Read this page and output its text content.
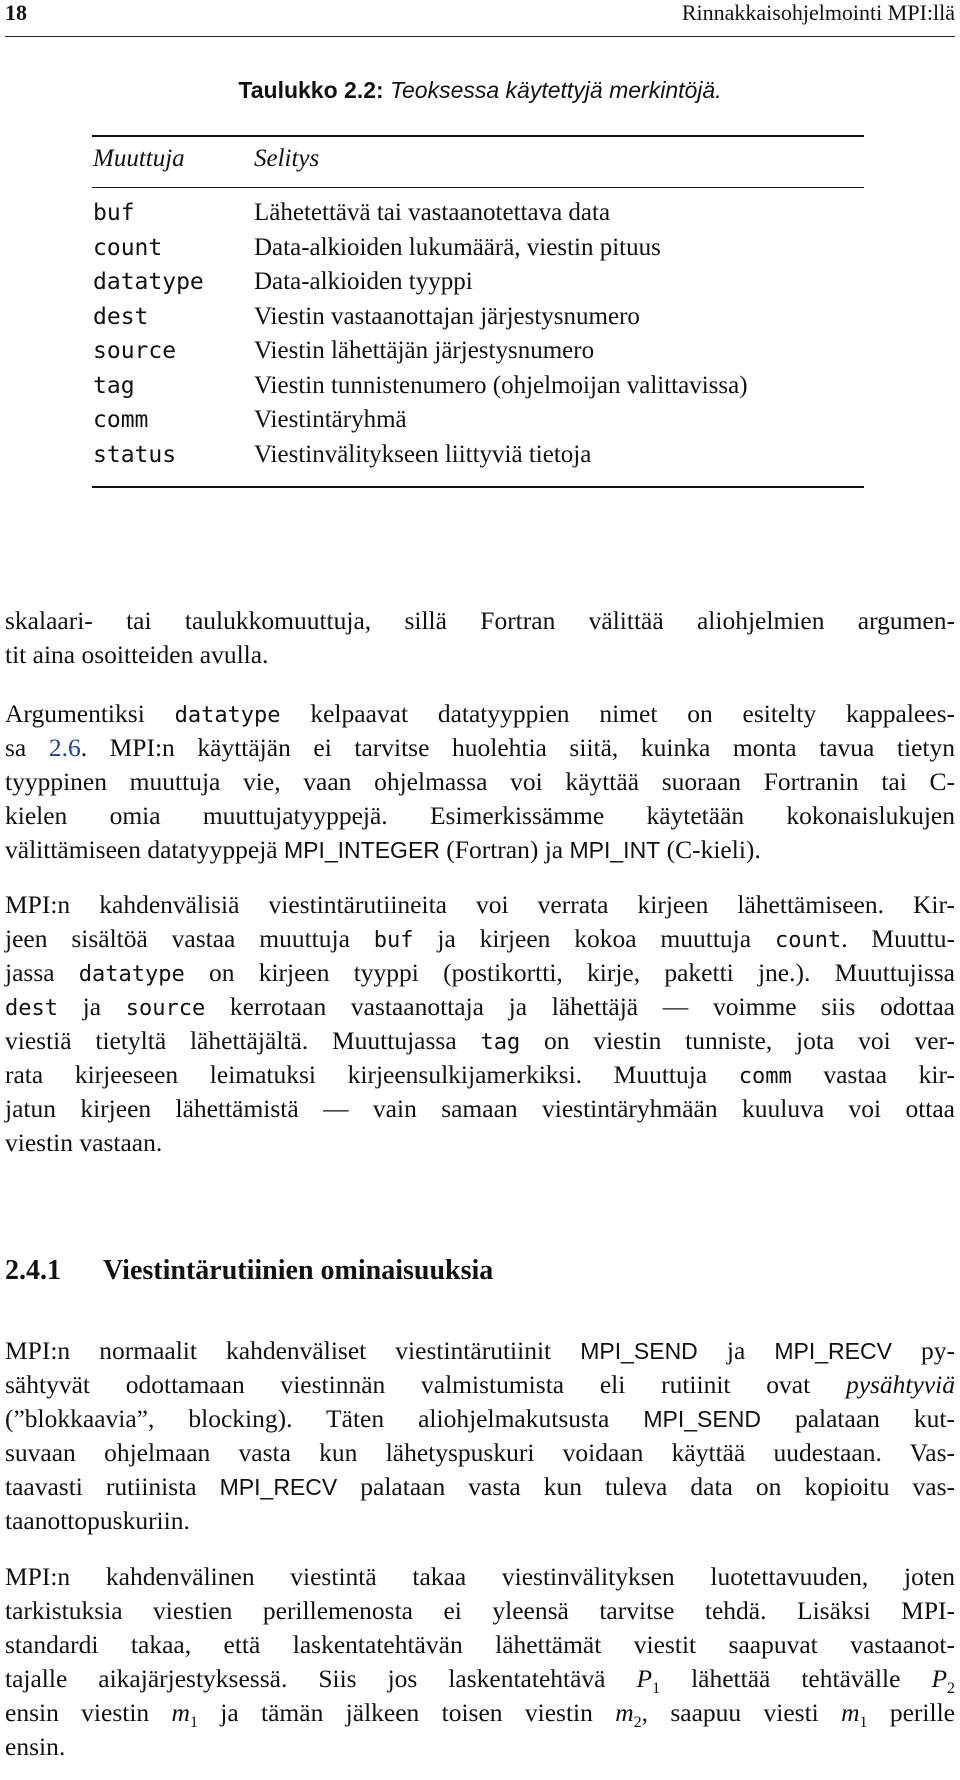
18	Rinnakkaisohjelmointi MPI:llä
Taulukko 2.2: Teoksessa käytettyjä merkintöjä.
Muuttuja	Selitys
buf	Lähetettävä tai vastaanotettava data
count	Data-alkioiden lukumäärä, viestin pituus
datatype Data-alkioiden tyyppi
dest	Viestin vastaanottajan järjestysnumero
source	Viestin lähettäjän järjestysnumero
tag	Viestin tunnistenumero (ohjelmoijan valittavissa)
comm	Viestintäryhmä
status	Viestinvälitykseen liittyviä tietoja
skalaari- tai taulukkomuuttuja, sillä Fortran välittää aliohjelmien argumen-
tit aina osoitteiden avulla.
Argumentiksi datatype kelpaavat datatyyppien nimet on esitelty kappalees-
sa 2.6. MPI:n käyttäjän ei tarvitse huolehtia siitä, kuinka monta tavua tietyn
tyyppinen muuttuja vie, vaan ohjelmassa voi käyttää suoraan Fortranin tai C-
kielen omia muuttujatyyppejä. Esimerkissämme käytetään kokonaislukujen
välittämiseen datatyyppejä MPI_INTEGER (Fortran) ja MPI_INT (C-kieli).
MPI:n kahdenvälisiä viestintärutiineita voi verrata kirjeen lähettämiseen. Kir-
jeen sisältöä vastaa muuttuja buf ja kirjeen kokoa muuttuja count. Muuttu-
jassa datatype on kirjeen tyyppi (postikortti, kirje, paketti jne.). Muuttujissa
dest ja source kerrotaan vastaanottaja ja lähettäjä — voimme siis odottaa
viestiä tietyltä lähettäjältä. Muuttujassa tag on viestin tunniste, jota voi ver-
rata kirjeeseen leimatuksi kirjeensulkijamerkiksi. Muuttuja comm vastaa kir-
jatun kirjeen lähettämistä — vain samaan viestintäryhmään kuuluva voi ottaa
viestin vastaan.
2.4.1 Viestintärutiinien ominaisuuksia
MPI:n normaalit kahdenväliset viestintärutiinit MPI_SEND ja MPI_RECV py-
sähtyvät odottamaan viestinnän valmistumista eli rutiinit ovat pysähtyviä
(”blokkaavia”, blocking). Täten aliohjelmakutsusta MPI_SEND palataan kut-
suvaan ohjelmaan vasta kun lähetyspuskuri voidaan käyttää uudestaan. Vas-
taavasti rutiinista MPI_RECV palataan vasta kun tuleva data on kopioitu vas-
taanottopuskuriin.
MPI:n kahdenvälinen viestintä takaa viestinvälityksen luotettavuuden, joten
tarkistuksia viestien perillemenosta ei yleensä tarvitse tehdä. Lisäksi MPI-
standardi takaa, että laskentatehtävän lähettämät viestit saapuvat vastaanot-
tajalle aikajärjestyksessä. Siis jos laskentatehtävä $P_1$ lähettää tehtävälle $P_2$
ensin viestin $m_1$ ja tämän jälkeen toisen viestin $m_2$, saapuu viesti $m_1$ perille
ensin.
